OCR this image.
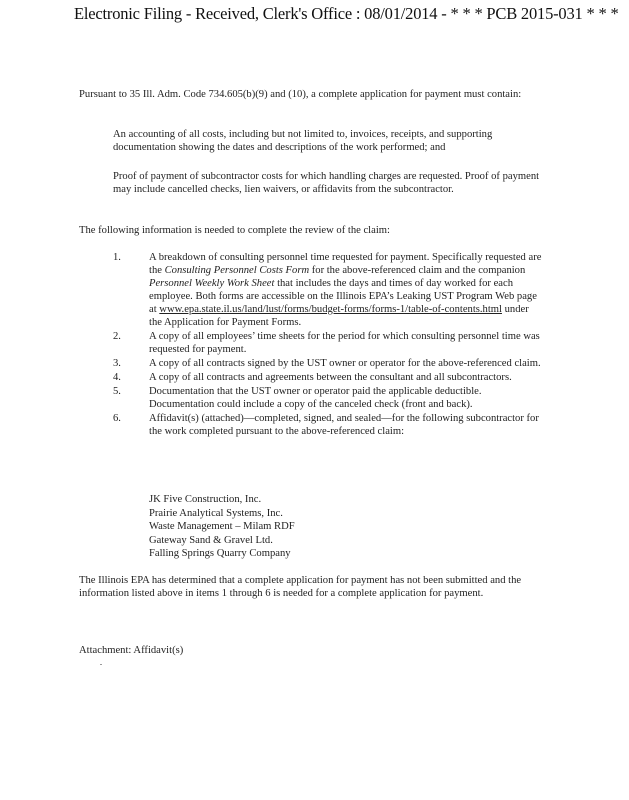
Electronic Filing - Received, Clerk's Office : 08/01/2014 - * * * PCB 2015-031 * * *

Pursuant to 35 Ill. Adm. Code 734.605(b)(9) and (10), a complete application for payment must contain:

An accounting of all costs, including but not limited to, invoices, receipts, and supporting documentation showing the dates and descriptions of the work performed; and

Proof of payment of subcontractor costs for which handling charges are requested. Proof of payment may include cancelled checks, lien waivers, or affidavits from the subcontractor.

The following information is needed to complete the review of the claim:

1.	A breakdown of consulting personnel time requested for payment. Specifically requested are the Consulting Personnel Costs Form for the above-referenced claim and the companion Personnel Weekly Work Sheet that includes the days and times of day worked for each employee. Both forms are accessible on the Illinois EPA’s Leaking UST Program Web page at www.epa.state.il.us/land/lust/forms/budget-forms/forms-1/table-of-contents.html under the Application for Payment Forms.
2.	A copy of all employees’ time sheets for the period for which consulting personnel time was requested for payment.
3.	A copy of all contracts signed by the UST owner or operator for the above-referenced claim.
4.	A copy of all contracts and agreements between the consultant and all subcontractors.
5.	Documentation that the UST owner or operator paid the applicable deductible. Documentation could include a copy of the canceled check (front and back).
6.	Affidavit(s) (attached)—completed, signed, and sealed—for the following subcontractor for the work completed pursuant to the above-referenced claim:
JK Five Construction, Inc.
Prairie Analytical Systems, Inc.
Waste Management – Milam RDF
Gateway Sand & Gravel Ltd.
Falling Springs Quarry Company

The Illinois EPA has determined that a complete application for payment has not been submitted and the information listed above in items 1 through 6 is needed for a complete application for payment.

Attachment: Affidavit(s)
